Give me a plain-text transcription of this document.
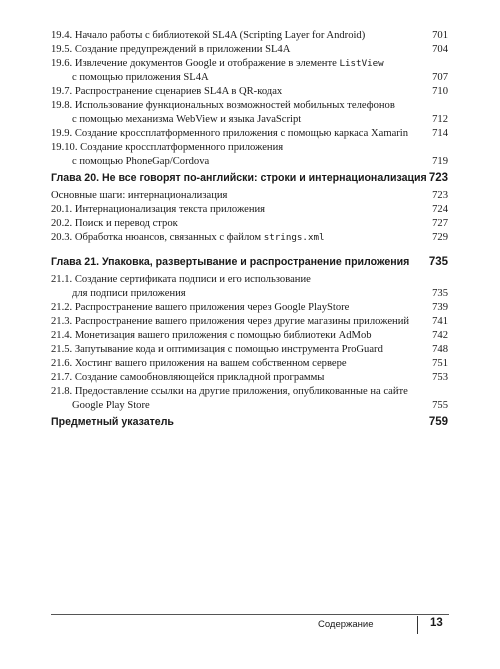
19.4. Начало работы с библиотекой SL4A (Scripting Layer for Android)	701
19.5. Создание предупреждений в приложении SL4A	704
19.6. Извлечение документов Google и отображение в элементе ListView
с помощью приложения SL4A	707
19.7. Распространение сценариев SL4A в QR-кодах	710
19.8. Использование функциональных возможностей мобильных телефонов
с помощью механизма WebView и языка JavaScript	712
19.9. Создание кроссплатформенного приложения с помощью каркаса Xamarin 714
19.10. Создание кроссплатформенного приложения
с помощью PhoneGap/Cordova	719
Глава 20. Не все говорят по-английски: строки и интернационализация 723
Основные шаги: интернационализация	723
20.1. Интернационализация текста приложения	724
20.2. Поиск и перевод строк	727
20.3. Обработка нюансов, связанных с файлом strings.xml	729
Глава 21. Упаковка, развертывание и распространение приложения 735
21.1. Создание сертификата подписи и его использование
для подписи приложения	735
21.2. Распространение вашего приложения через Google PlayStore	739
21.3. Распространение вашего приложения через другие магазины приложений 741
21.4. Монетизация вашего приложения с помощью библиотеки AdMob	742
21.5. Запутывание кода и оптимизация с помощью инструмента ProGuard	748
21.6. Хостинг вашего приложения на вашем собственном сервере	751
21.7. Создание самообновляющейся прикладной программы	753
21.8. Предоставление ссылки на другие приложения, опубликованные на сайте
Google Play Store	755
Предметный указатель	759
Содержание	13
